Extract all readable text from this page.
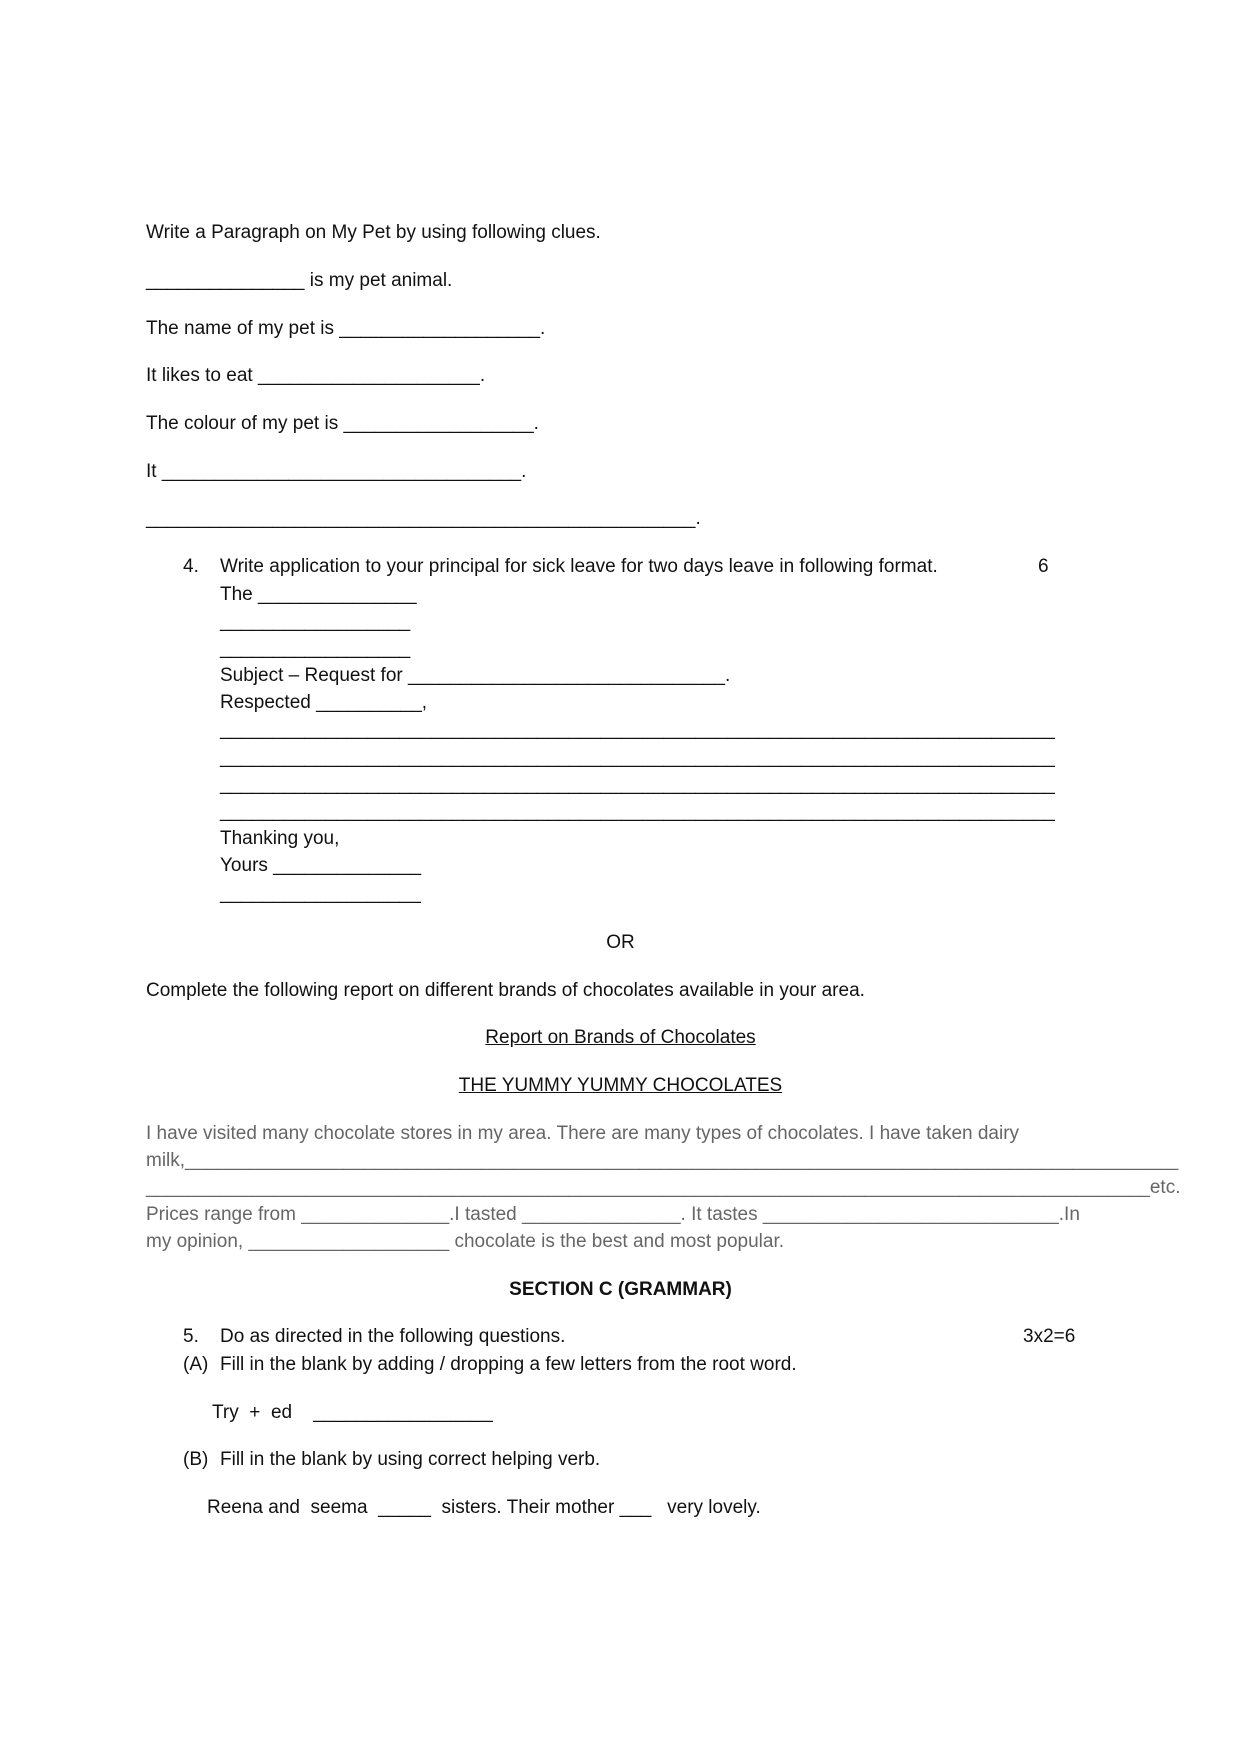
Write a Paragraph on My Pet by using following clues.
_______________ is my pet animal.
The name of my pet is ___________________.
It likes to eat _____________________.
The colour of my pet is __________________.
It __________________________________.
____________________________________________________.
4. Write application to your principal for sick leave for two days leave in following format.	6
The _______________
__________________
__________________
Subject – Request for ______________________________.
Respected __________,
_______________________________________________________________________________
_______________________________________________________________________________
_______________________________________________________________________________
_______________________________________________________________________________
Thanking you,
Yours ______________
___________________
OR
Complete the following report on different brands of chocolates available in your area.
Report on Brands of Chocolates
THE YUMMY YUMMY CHOCOLATES
I have visited many chocolate stores in my area. There are many types of chocolates. I have taken dairy
milk,______________________________________________________________________________________________
_______________________________________________________________________________________________etc.
Prices range from ______________.I tasted _______________. It tastes ____________________________.In
my opinion, ___________________ chocolate is the best and most popular.
SECTION C (GRAMMAR)
5. Do as directed in the following questions.	3x2=6
(A) Fill in the blank by adding / dropping a few letters from the root word.
Try  +  ed    _________________
(B) Fill in the blank by using correct helping verb.
Reena and  seema  _____  sisters. Their mother ___   very lovely.
